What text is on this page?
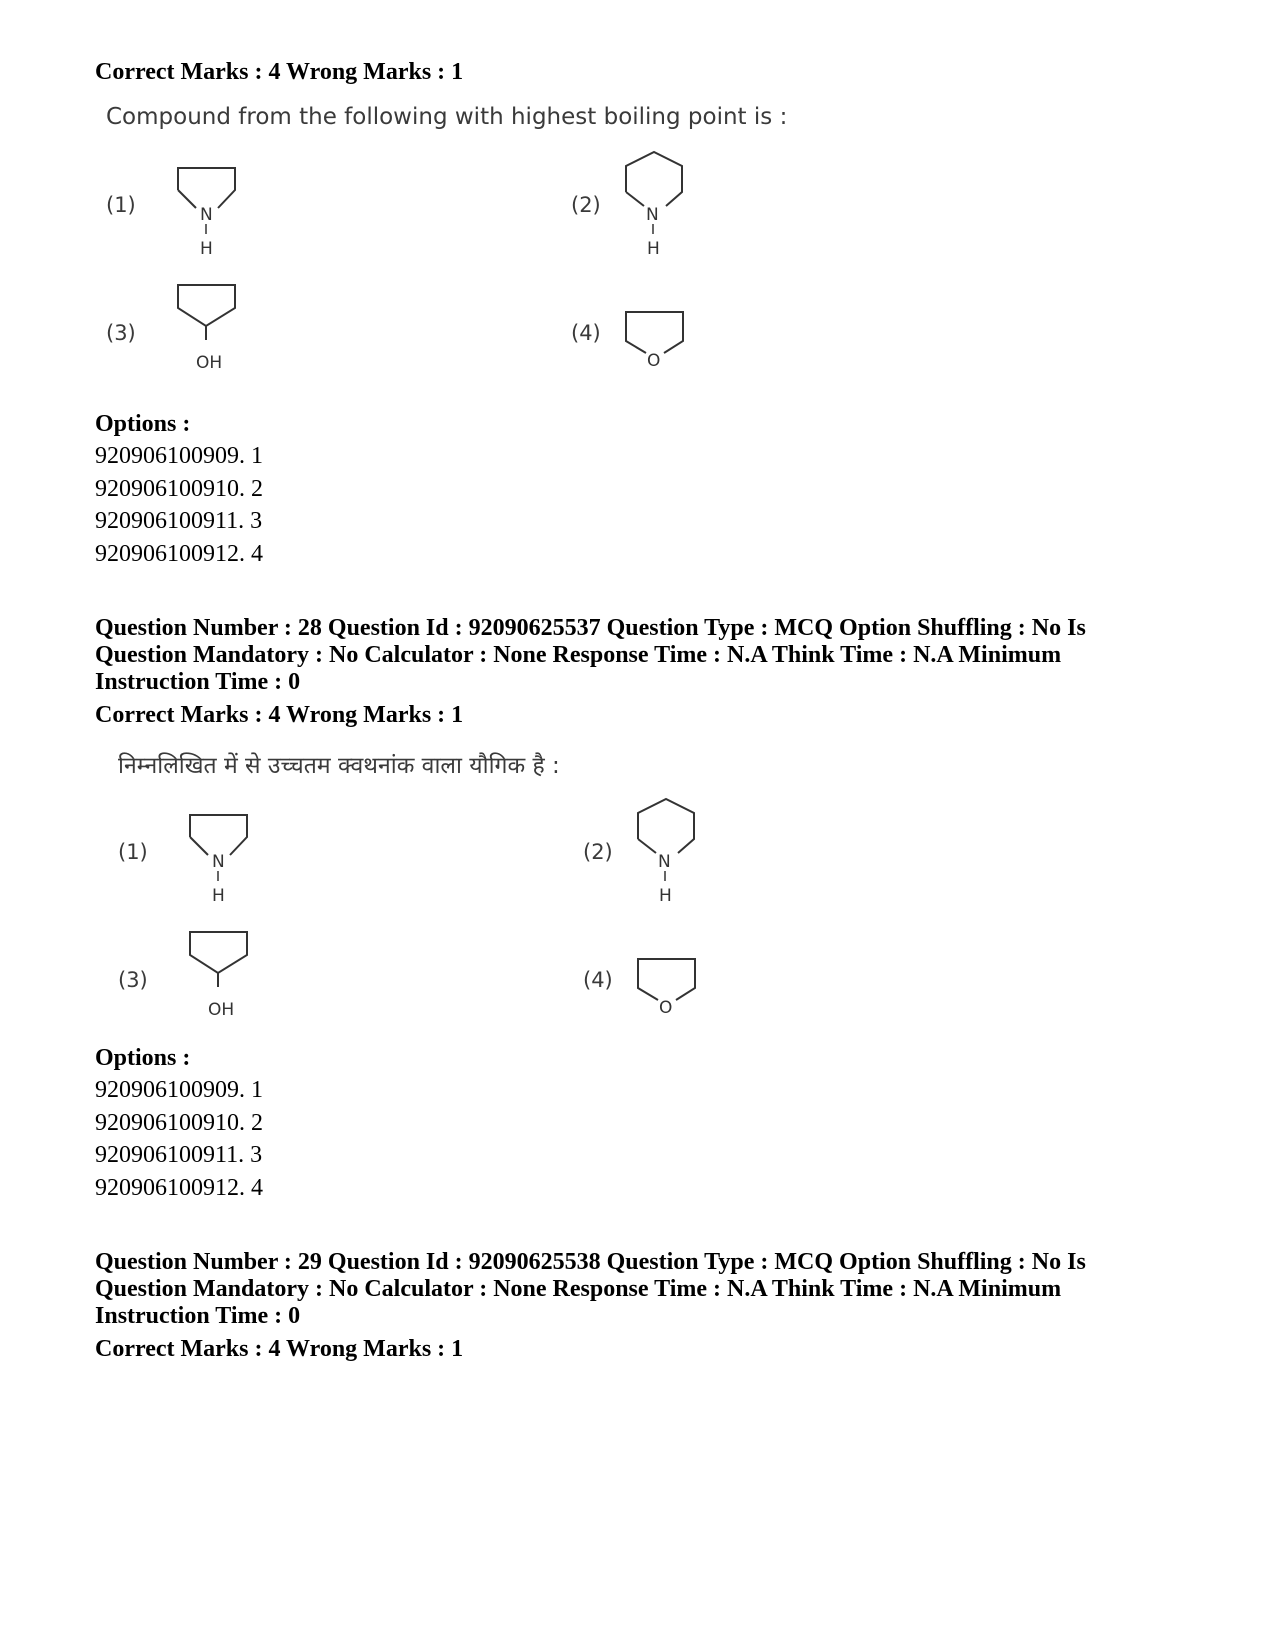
Correct Marks : 4 Wrong Marks : 1
Compound from the following with highest boiling point is :
(1)	N
H
(2)	N
H
(3)
OH
(4)
O
Options :
920906100909. 1
920906100910. 2
920906100911. 3
920906100912. 4
Question Number : 28 Question Id : 92090625537 Question Type : MCQ Option Shuffling : No Is
Question Mandatory : No Calculator : None Response Time : N.A Think Time : N.A Minimum
Instruction Time : 0
Correct Marks : 4 Wrong Marks : 1
निम्नलिखित में से उच्चतम क्वथनांक वाला यौगिक है :
(1)	N
H
(2)	N
H
(3)
OH
(4)
O
Options :
920906100909. 1
920906100910. 2
920906100911. 3
920906100912. 4
Question Number : 29 Question Id : 92090625538 Question Type : MCQ Option Shuffling : No Is
Question Mandatory : No Calculator : None Response Time : N.A Think Time : N.A Minimum
Instruction Time : 0
Correct Marks : 4 Wrong Marks : 1
